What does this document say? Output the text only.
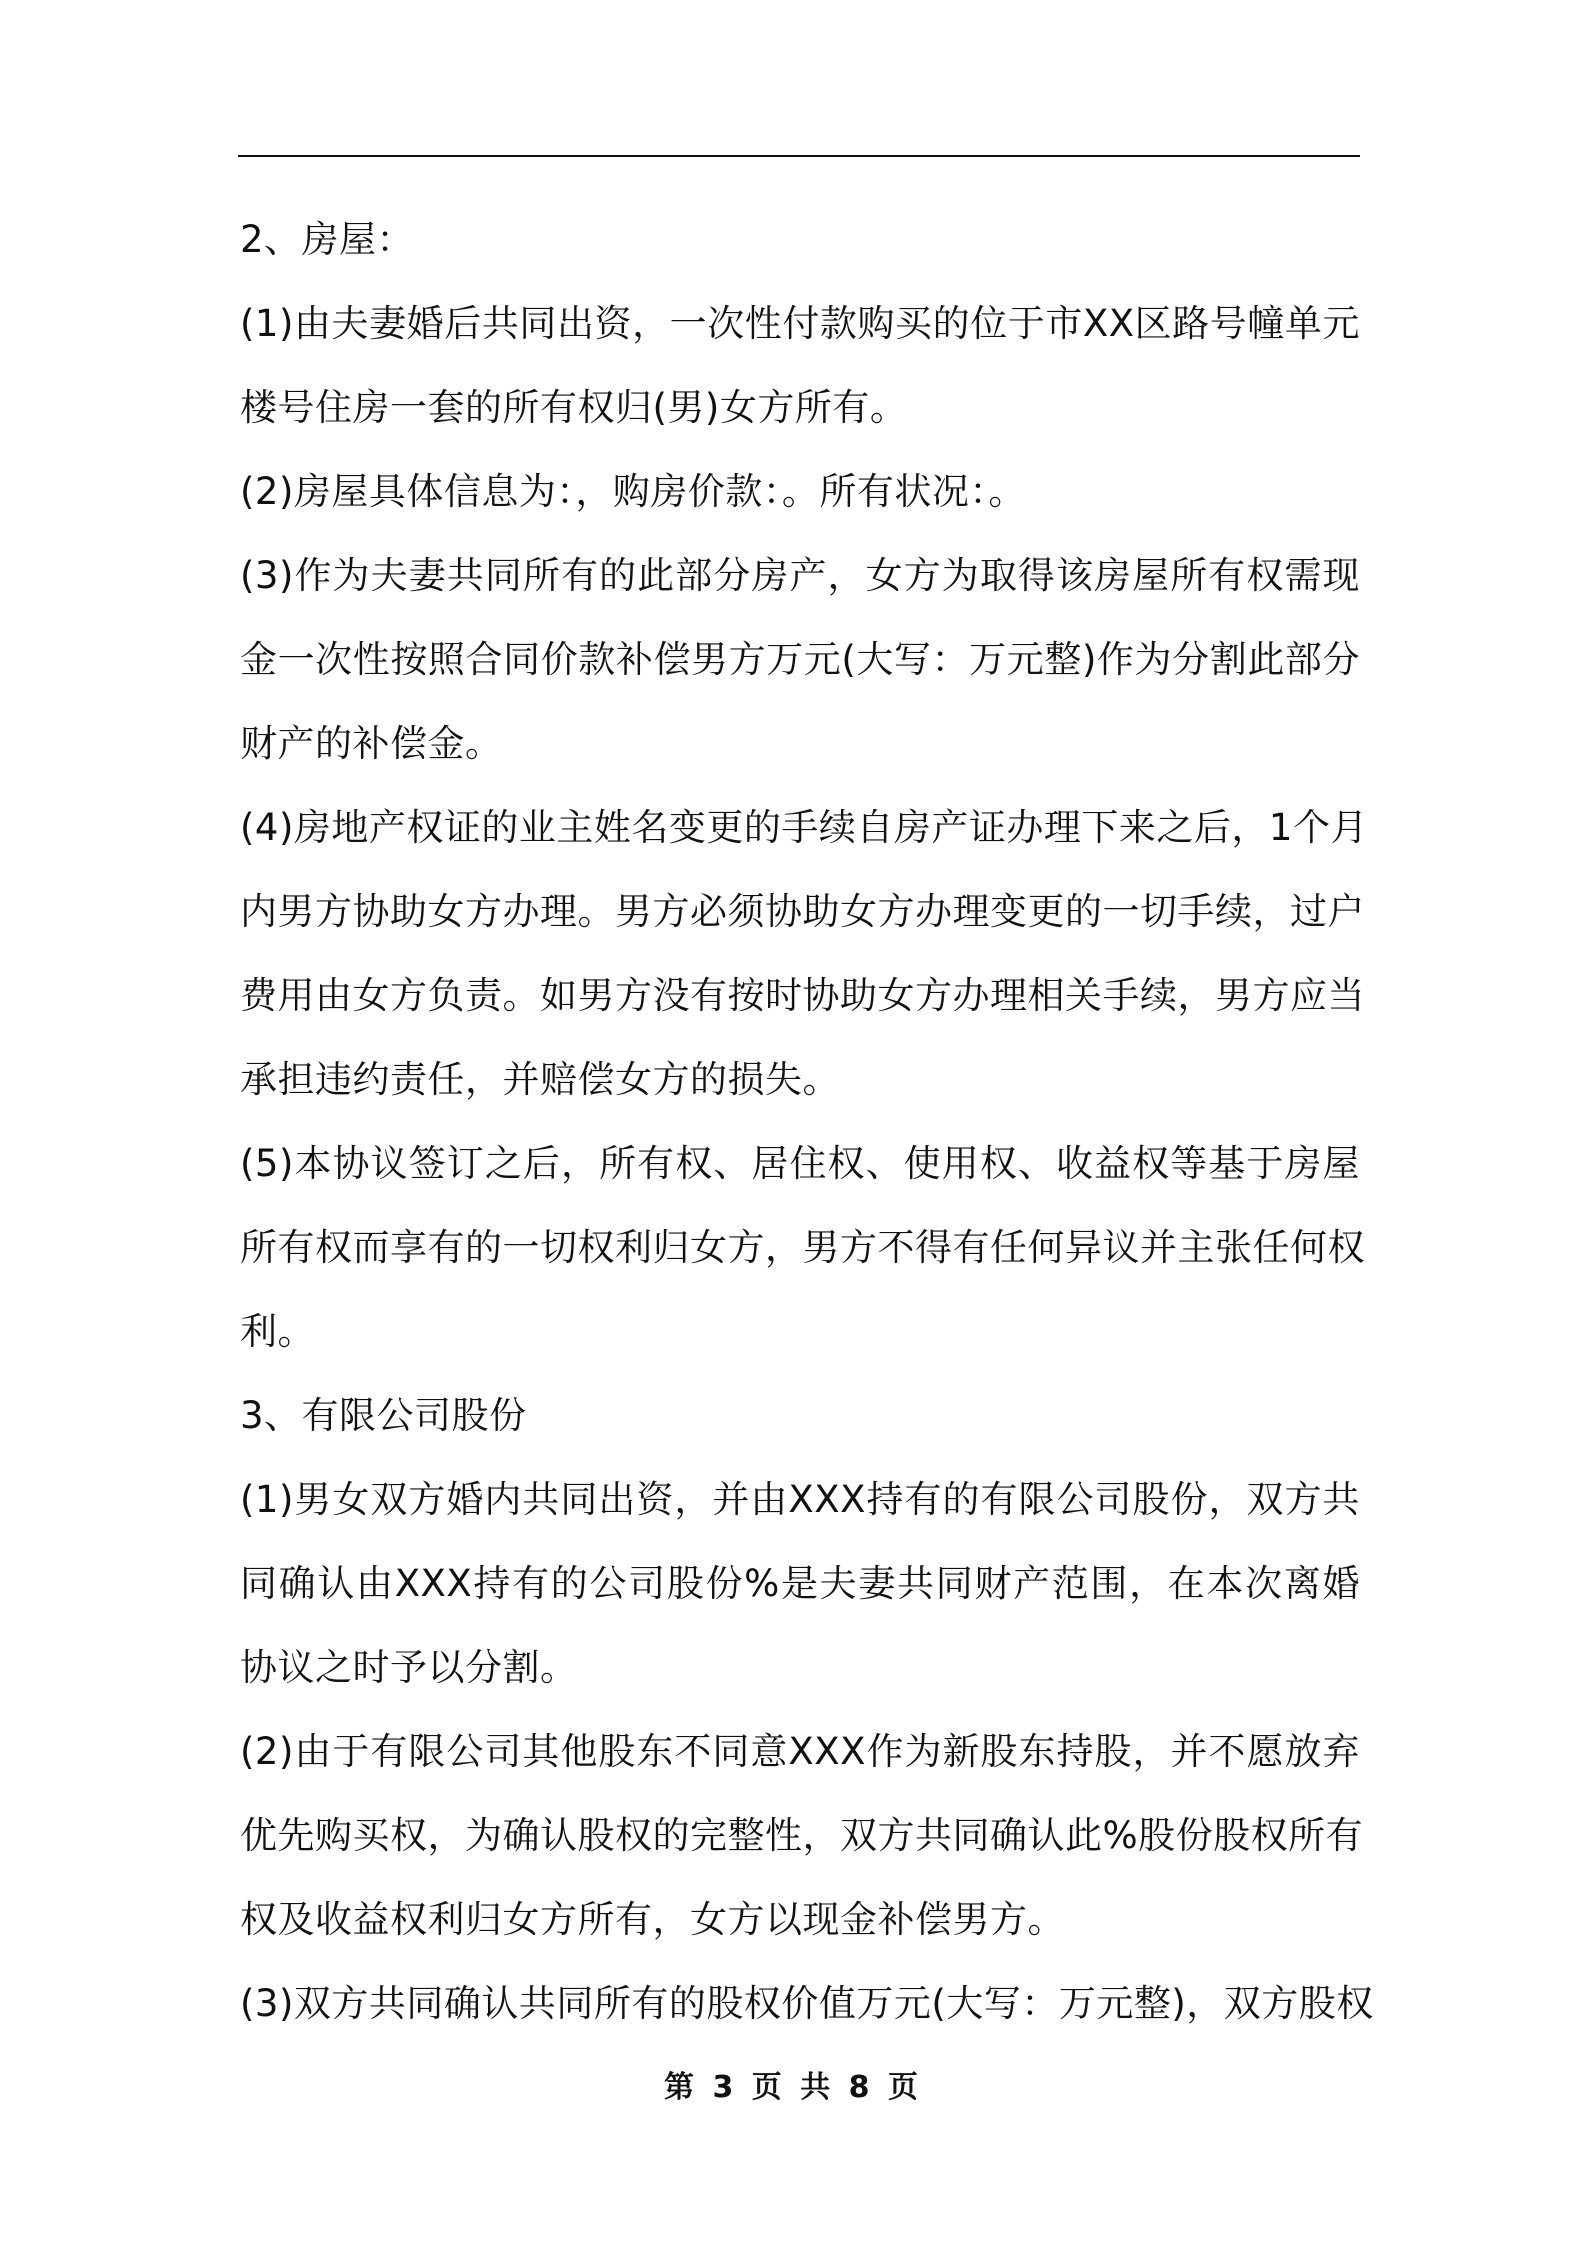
2、房屋：
(1)由夫妻婚后共同出资，一次性付款购买的位于市XX区路号幢单元
楼号住房一套的所有权归(男)女方所有。
(2)房屋具体信息为：，购房价款：。所有状况：。
(3)作为夫妻共同所有的此部分房产，女方为取得该房屋所有权需现
金一次性按照合同价款补偿男方万元(大写：万元整)作为分割此部分
财产的补偿金。
(4)房地产权证的业主姓名变更的手续自房产证办理下来之后，1个月
内男方协助女方办理。男方必须协助女方办理变更的一切手续，过户
费用由女方负责。如男方没有按时协助女方办理相关手续，男方应当
承担违约责任，并赔偿女方的损失。
(5)本协议签订之后，所有权、居住权、使用权、收益权等基于房屋
所有权而享有的一切权利归女方，男方不得有任何异议并主张任何权
利。
3、有限公司股份
(1)男女双方婚内共同出资，并由XXX持有的有限公司股份，双方共
同确认由XXX持有的公司股份%是夫妻共同财产范围，在本次离婚
协议之时予以分割。
(2)由于有限公司其他股东不同意XXX作为新股东持股，并不愿放弃
优先购买权，为确认股权的完整性，双方共同确认此%股份股权所有
权及收益权利归女方所有，女方以现金补偿男方。
(3)双方共同确认共同所有的股权价值万元(大写：万元整)，双方股权
第 3 页 共 8 页
